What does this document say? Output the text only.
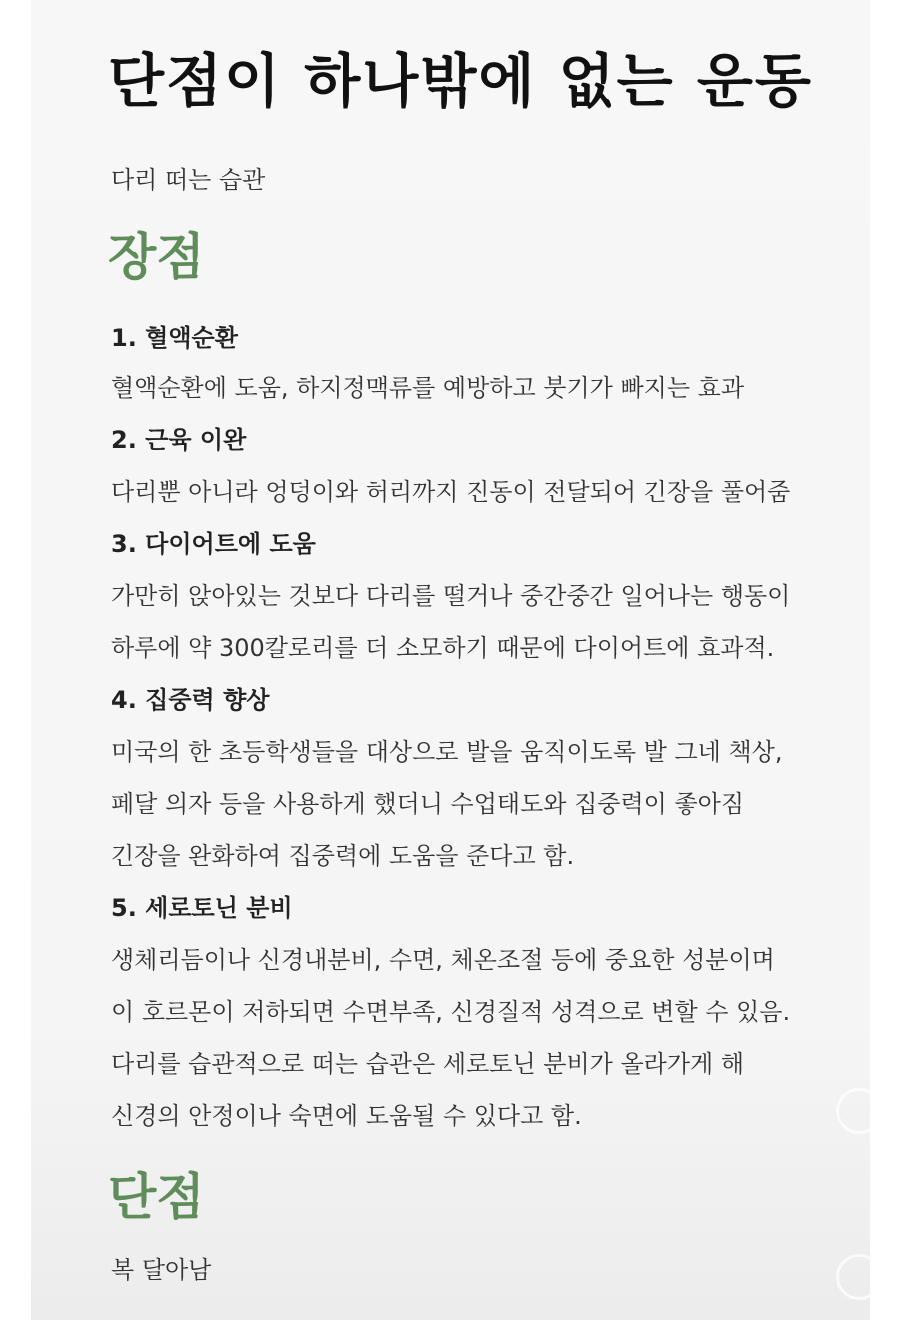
단점이 하나밖에 없는 운동
다리 떠는 습관
장점
1. 혈액순환
혈액순환에 도움, 하지정맥류를 예방하고 붓기가 빠지는 효과
2. 근육 이완
다리뿐 아니라 엉덩이와 허리까지 진동이 전달되어 긴장을 풀어줌
3. 다이어트에 도움
가만히 앉아있는 것보다 다리를 떨거나 중간중간 일어나는 행동이
하루에 약 300칼로리를 더 소모하기 때문에 다이어트에 효과적.
4. 집중력 향상
미국의 한 초등학생들을 대상으로 발을 움직이도록 발 그네 책상,
페달 의자 등을 사용하게 했더니 수업태도와 집중력이 좋아짐
긴장을 완화하여 집중력에 도움을 준다고 함.
5. 세로토닌 분비
생체리듬이나 신경내분비, 수면, 체온조절 등에 중요한 성분이며
이 호르몬이 저하되면 수면부족, 신경질적 성격으로 변할 수 있음.
다리를 습관적으로 떠는 습관은 세로토닌 분비가 올라가게 해
신경의 안정이나 숙면에 도움될 수 있다고 함.
단점
복 달아남
